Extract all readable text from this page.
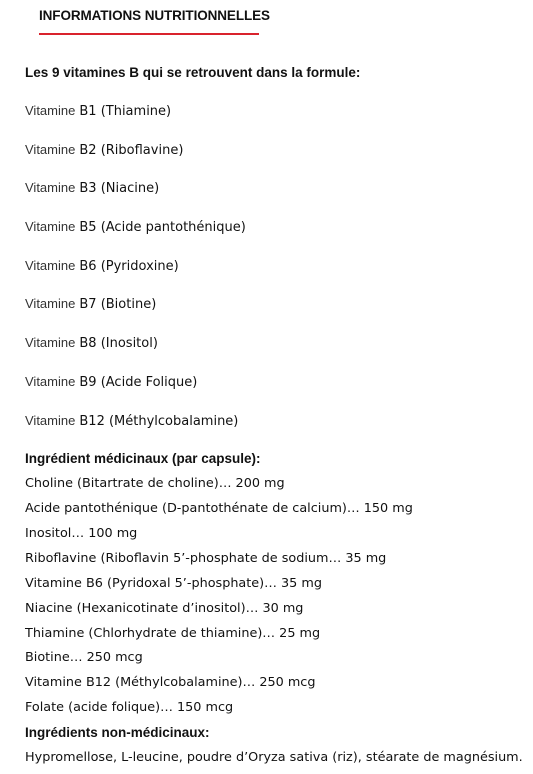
INFORMATIONS NUTRITIONNELLES

Les 9 vitamines B qui se retrouvent dans la formule:

Vitamine B1 (Thiamine)
Vitamine B2 (Riboflavine)
Vitamine B3 (Niacine)
Vitamine B5 (Acide pantothénique)
Vitamine B6 (Pyridoxine)
Vitamine B7 (Biotine)
Vitamine B8 (Inositol)
Vitamine B9 (Acide Folique)
Vitamine B12 (Méthylcobalamine)

Ingrédient médicinaux (par capsule):

Choline (Bitartrate de choline)… 200 mg
Acide pantothénique (D-pantothénate de calcium)… 150 mg
Inositol… 100 mg
Riboflavine (Riboflavin 5’-phosphate de sodium… 35 mg
Vitamine B6 (Pyridoxal 5’-phosphate)… 35 mg
Niacine (Hexanicotinate d’inositol)… 30 mg
Thiamine (Chlorhydrate de thiamine)… 25 mg
Biotine… 250 mcg
Vitamine B12 (Méthylcobalamine)… 250 mcg
Folate (acide folique)… 150 mcg

Ingrédients non-médicinaux:

Hypromellose, L-leucine, poudre d’Oryza sativa (riz), stéarate de magnésium.
